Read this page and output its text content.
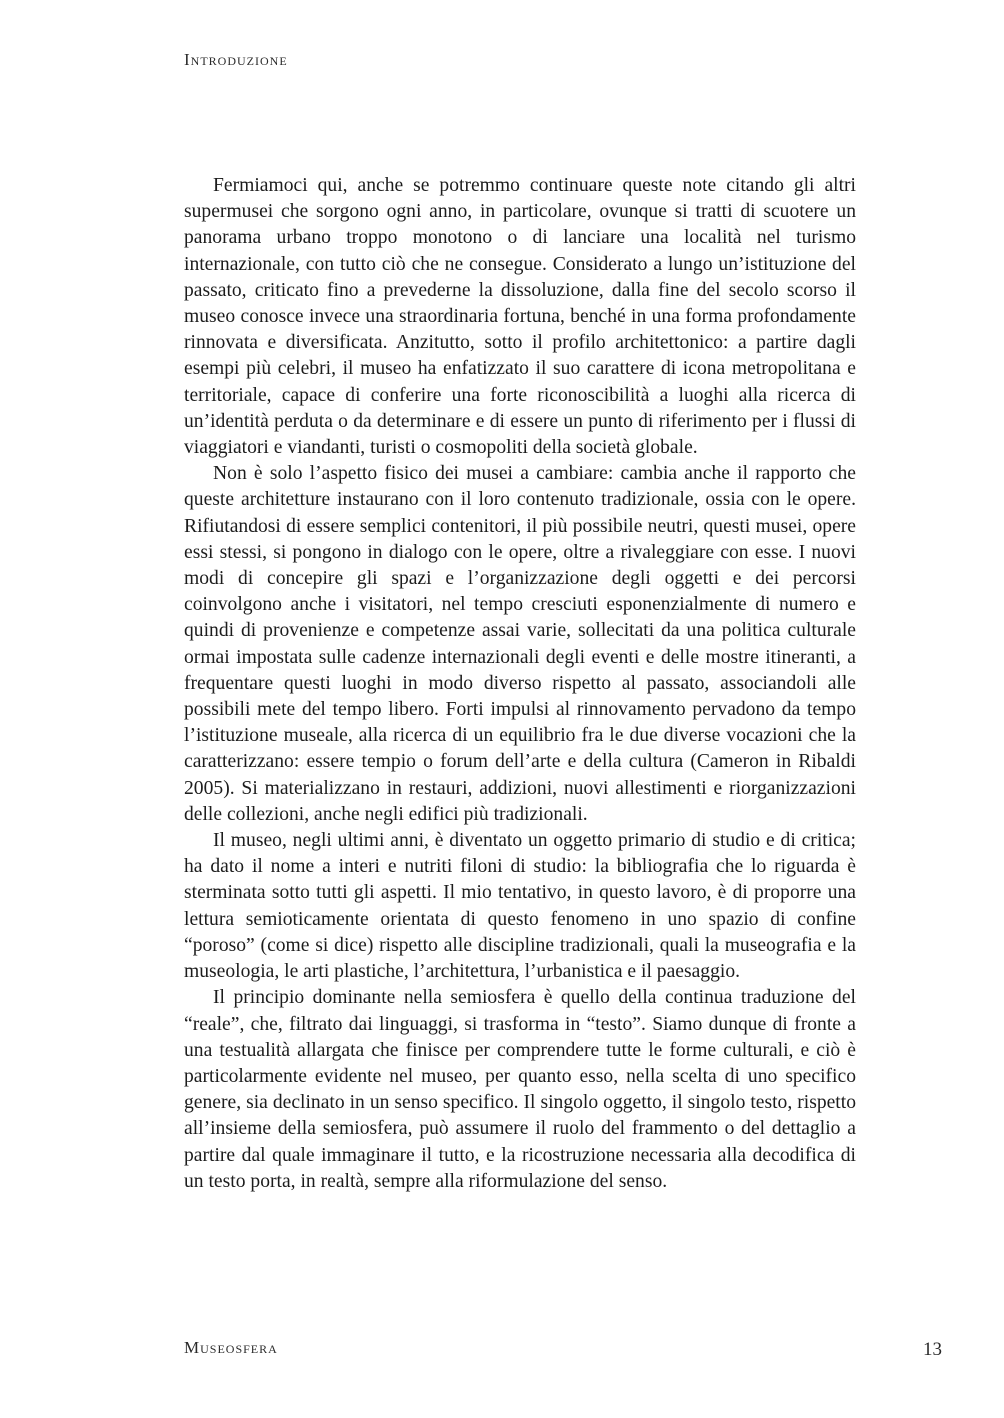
Introduzione

Fermiamoci qui, anche se potremmo continuare queste note citando gli altri supermusei che sorgono ogni anno, in particolare, ovunque si tratti di scuotere un panorama urbano troppo monotono o di lanciare una località nel turismo internazionale, con tutto ciò che ne consegue. Considerato a lungo un’istituzione del passato, criticato fino a prevederne la dissoluzione, dalla fine del secolo scorso il museo conosce invece una straordinaria fortuna, benché in una forma profondamente rinnovata e diversificata. Anzitutto, sotto il profilo architettonico: a partire dagli esempi più celebri, il museo ha enfatizzato il suo carattere di icona metropolitana e territoriale, capace di conferire una forte riconoscibilità a luoghi alla ricerca di un’identità perduta o da determinare e di essere un punto di riferimento per i flussi di viaggiatori e viandanti, turisti o cosmopoliti della società globale.

Non è solo l’aspetto fisico dei musei a cambiare: cambia anche il rapporto che queste architetture instaurano con il loro contenuto tradizionale, ossia con le opere. Rifiutandosi di essere semplici contenitori, il più possibile neutri, questi musei, opere essi stessi, si pongono in dialogo con le opere, oltre a rivaleggiare con esse. I nuovi modi di concepire gli spazi e l’organizzazione degli oggetti e dei percorsi coinvolgono anche i visitatori, nel tempo cresciuti esponenzialmente di numero e quindi di provenienze e competenze assai varie, sollecitati da una politica culturale ormai impostata sulle cadenze internazionali degli eventi e delle mostre itineranti, a frequentare questi luoghi in modo diverso rispetto al passato, associandoli alle possibili mete del tempo libero. Forti impulsi al rinnovamento pervadono da tempo l’istituzione museale, alla ricerca di un equilibrio fra le due diverse vocazioni che la caratterizzano: essere tempio o forum dell’arte e della cultura (Cameron in Ribaldi 2005). Si materializzano in restauri, addizioni, nuovi allestimenti e riorganizzazioni delle collezioni, anche negli edifici più tradizionali.

Il museo, negli ultimi anni, è diventato un oggetto primario di studio e di critica; ha dato il nome a interi e nutriti filoni di studio: la bibliografia che lo riguarda è sterminata sotto tutti gli aspetti. Il mio tentativo, in questo lavoro, è di proporre una lettura semioticamente orientata di questo fenomeno in uno spazio di confine “poroso” (come si dice) rispetto alle discipline tradizionali, quali la museografia e la museologia, le arti plastiche, l’architettura, l’urbanistica e il paesaggio.

Il principio dominante nella semiosfera è quello della continua traduzione del “reale”, che, filtrato dai linguaggi, si trasforma in “testo”. Siamo dunque di fronte a una testualità allargata che finisce per comprendere tutte le forme culturali, e ciò è particolarmente evidente nel museo, per quanto esso, nella scelta di uno specifico genere, sia declinato in un senso specifico. Il singolo oggetto, il singolo testo, rispetto all’insieme della semiosfera, può assumere il ruolo del frammento o del dettaglio a partire dal quale immaginare il tutto, e la ricostruzione necessaria alla decodifica di un testo porta, in realtà, sempre alla riformulazione del senso.

Museosfera	13
